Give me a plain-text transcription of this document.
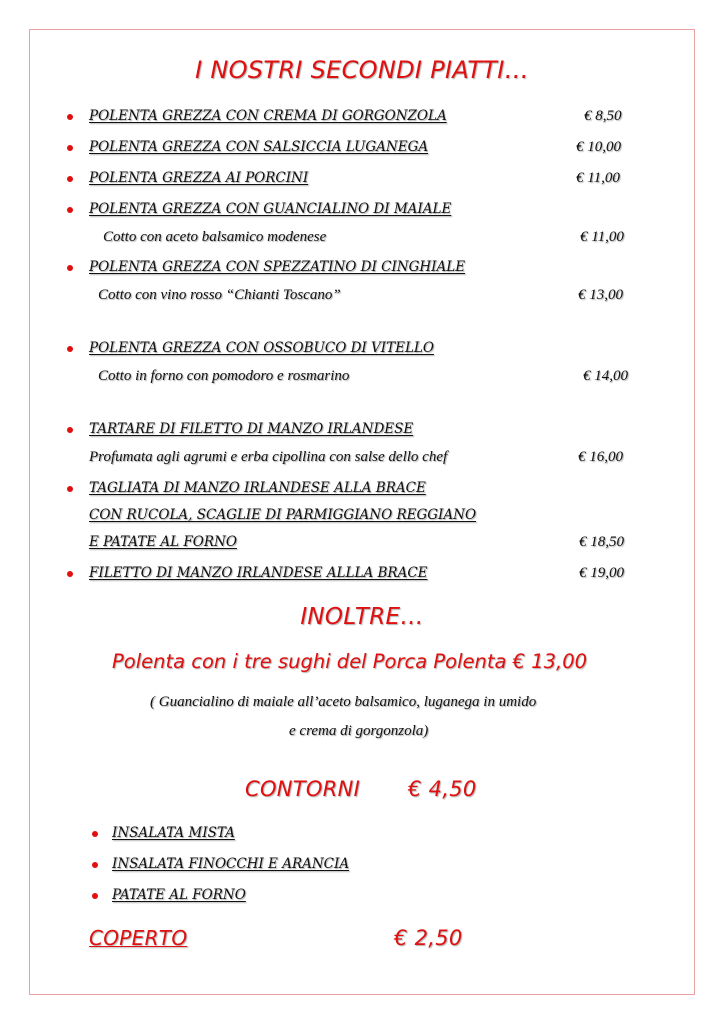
I NOSTRI SECONDI PIATTI…
POLENTA GREZZA CON CREMA DI GORGONZOLA	€ 8,50
POLENTA GREZZA CON SALSICCIA LUGANEGA	€ 10,00
POLENTA GREZZA AI PORCINI	€ 11,00
POLENTA GREZZA CON GUANCIALINO DI MAIALE
Cotto con aceto balsamico modenese	€ 11,00
POLENTA GREZZA CON SPEZZATINO DI CINGHIALE
Cotto con vino rosso “Chianti Toscano”	€ 13,00
POLENTA GREZZA CON OSSOBUCO DI VITELLO
Cotto in forno con pomodoro e rosmarino	€ 14,00
TARTARE DI FILETTO DI MANZO IRLANDESE
Profumata agli agrumi e erba cipollina con salse dello chef	€ 16,00
TAGLIATA DI MANZO IRLANDESE ALLA BRACE
CON RUCOLA, SCAGLIE DI PARMIGGIANO REGGIANO
E PATATE AL FORNO	€ 18,50
FILETTO DI MANZO IRLANDESE ALLLA BRACE	€ 19,00
INOLTRE…
Polenta con i tre sughi del Porca Polenta € 13,00
( Guancialino di maiale all’aceto balsamico, luganega in umido
e crema di gorgonzola)
CONTORNI € 4,50
INSALATA MISTA
INSALATA FINOCCHI E ARANCIA
PATATE AL FORNO
COPERTO	€ 2,50
